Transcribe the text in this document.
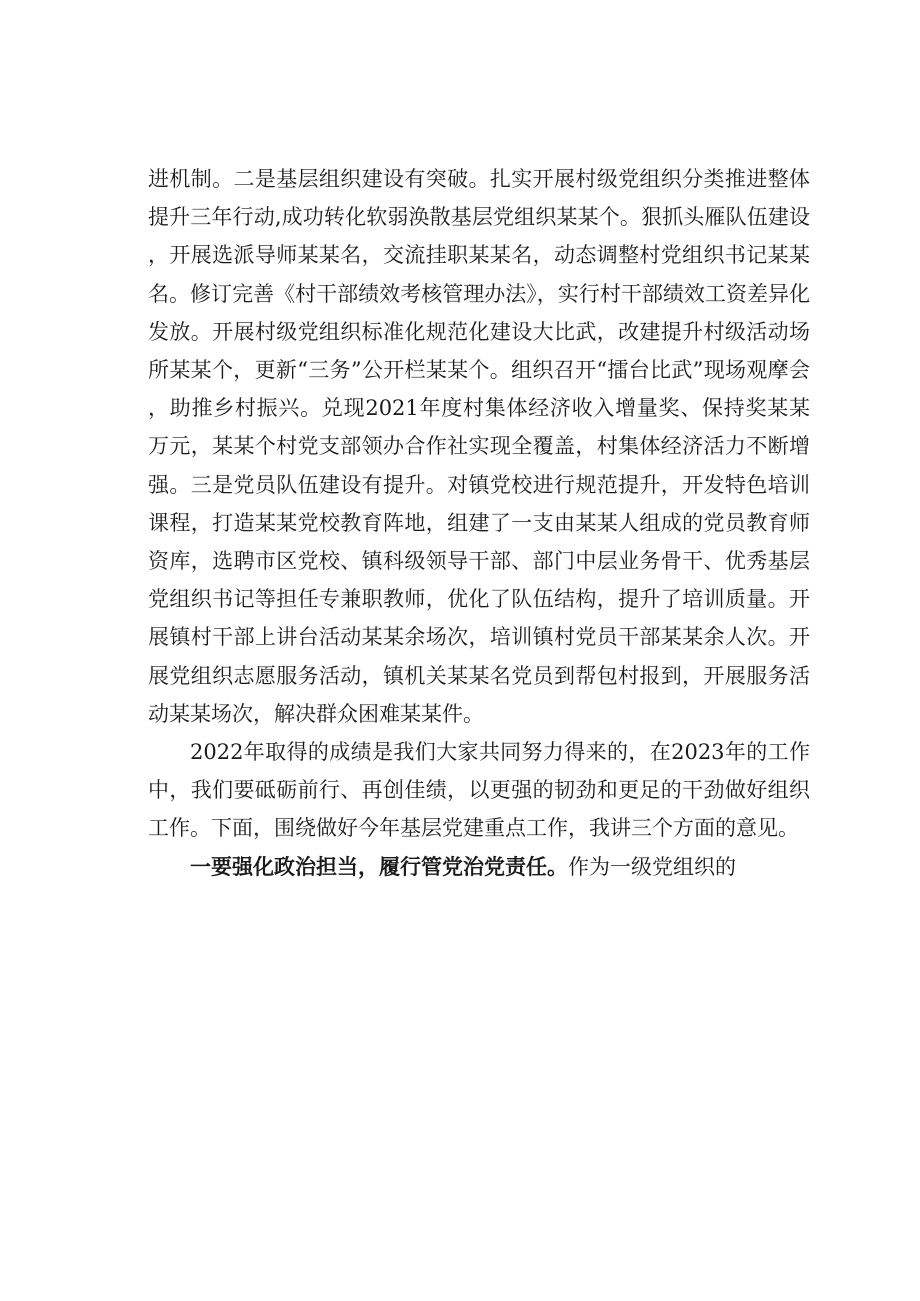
进机制。二是基层组织建设有突破。扎实开展村级党组织分类推进整体提升三年行动,成功转化软弱涣散基层党组织某某个。狠抓头雁队伍建设，开展选派导师某某名，交流挂职某某名，动态调整村党组织书记某某名。修订完善《村干部绩效考核管理办法》，实行村干部绩效工资差异化发放。开展村级党组织标准化规范化建设大比武，改建提升村级活动场所某某个，更新“三务”公开栏某某个。组织召开“擂台比武”现场观摩会，助推乡村振兴。兑现2021年度村集体经济收入增量奖、保持奖某某万元，某某个村党支部领办合作社实现全覆盖，村集体经济活力不断增强。三是党员队伍建设有提升。对镇党校进行规范提升，开发特色培训课程，打造某某党校教育阵地，组建了一支由某某人组成的党员教育师资库，选聘市区党校、镇科级领导干部、部门中层业务骨干、优秀基层党组织书记等担任专兼职教师，优化了队伍结构，提升了培训质量。开展镇村干部上讲台活动某某余场次，培训镇村党员干部某某余人次。开展党组织志愿服务活动，镇机关某某名党员到帮包村报到，开展服务活动某某场次，解决群众困难某某件。

2022年取得的成绩是我们大家共同努力得来的，在2023年的工作中，我们要砥砺前行、再创佳绩，以更强的韧劲和更足的干劲做好组织工作。下面，围绕做好今年基层党建重点工作，我讲三个方面的意见。

一要强化政治担当，履行管党治党责任。作为一级党组织的
